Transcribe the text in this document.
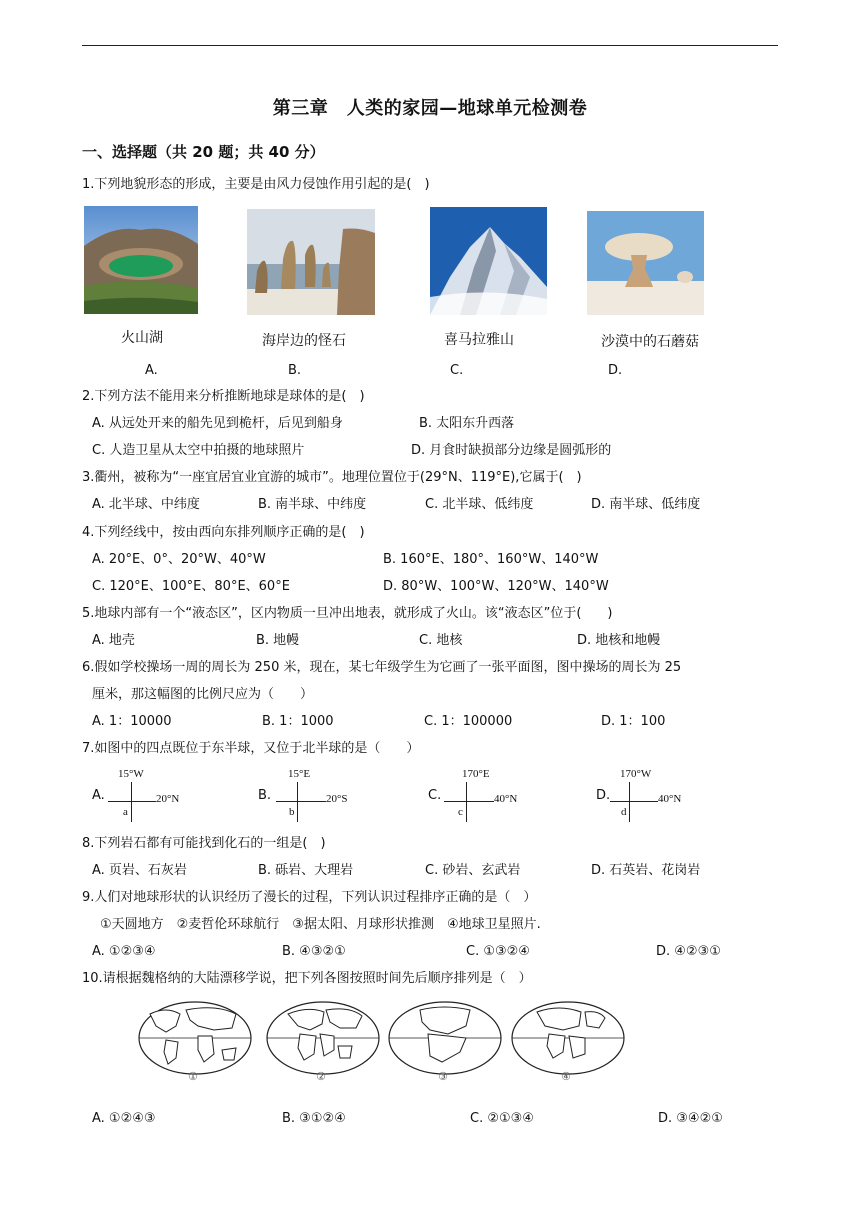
第三章　人类的家园—地球单元检测卷
一、选择题（共 20 题；共 40 分）
1.下列地貌形态的形成，主要是由风力侵蚀作用引起的是(　)
火山湖	海岸边的怪石	喜马拉雅山	沙漠中的石蘑菇
A.	B.	C.	D.
2.下列方法不能用来分析推断地球是球体的是(　)
A. 从远处开来的船先见到桅杆，后见到船身	B. 太阳东升西落
C. 人造卫星从太空中拍摄的地球照片	D. 月食时缺损部分边缘是圆弧形的
3.衢州，被称为“一座宜居宜业宜游的城市”。地理位置位于(29°N、119°E),它属于(　)
A. 北半球、中纬度	B. 南半球、中纬度	C. 北半球、低纬度	D. 南半球、低纬度
4.下列经线中，按由西向东排列顺序正确的是(　)
A. 20°E、0°、20°W、40°W	B. 160°E、180°、160°W、140°W
C. 120°E、100°E、80°E、60°E	D. 80°W、100°W、120°W、140°W
5.地球内部有一个“液态区”，区内物质一旦冲出地表，就形成了火山。该“液态区”位于(　　)
A. 地壳	B. 地幔	C. 地核	D. 地核和地幔
6.假如学校操场一周的周长为 250 米，现在，某七年级学生为它画了一张平面图，图中操场的周长为 25
厘米，那这幅图的比例尺应为（　　）
A. 1：10000	B. 1：1000	C. 1：100000	D. 1：100
7.如图中的四点既位于东半球，又位于北半球的是（　　）
A.
15°W
20°N
a
B.
15°E
20°S
b
C.
170°E
40°N
c
D.
170°W
40°N
d
8.下列岩石都有可能找到化石的一组是(　)
A. 页岩、石灰岩	B. 砾岩、大理岩	C. 砂岩、玄武岩	D. 石英岩、花岗岩
9.人们对地球形状的认识经历了漫长的过程，下列认识过程排序正确的是（　）
①天圆地方　②麦哲伦环球航行　③据太阳、月球形状推测　④地球卫星照片.
A. ①②③④	B. ④③②①	C. ①③②④	D. ④②③①
10.请根据魏格纳的大陆漂移学说，把下列各图按照时间先后顺序排列是（　）
①	②	③	④
A. ①②④③	B. ③①②④	C. ②①③④	D. ③④②①
